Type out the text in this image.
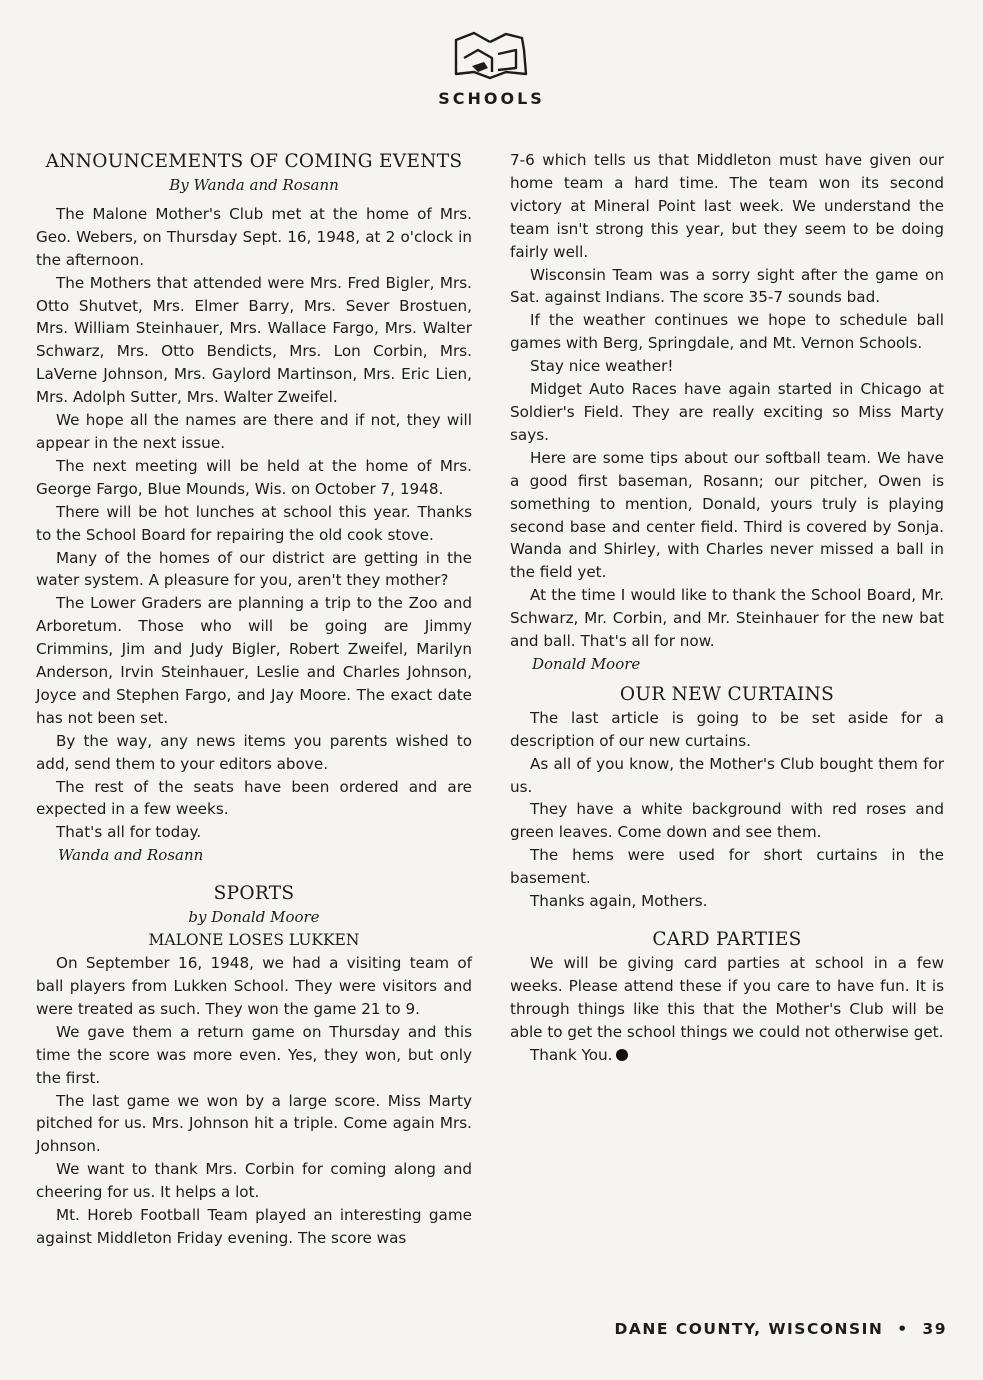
SCHOOLS
ANNOUNCEMENTS OF COMING EVENTS
By Wanda and Rosann

The Malone Mother's Club met at the home of Mrs. Geo. Webers, on Thursday Sept. 16, 1948, at 2 o'clock in the afternoon.

The Mothers that attended were Mrs. Fred Bigler, Mrs. Otto Shutvet, Mrs. Elmer Barry, Mrs. Sever Brostuen, Mrs. William Steinhauer, Mrs. Wallace Fargo, Mrs. Walter Schwarz, Mrs. Otto Bendicts, Mrs. Lon Corbin, Mrs. LaVerne Johnson, Mrs. Gaylord Martinson, Mrs. Eric Lien, Mrs. Adolph Sutter, Mrs. Walter Zweifel.

We hope all the names are there and if not, they will appear in the next issue.

The next meeting will be held at the home of Mrs. George Fargo, Blue Mounds, Wis. on October 7, 1948.

There will be hot lunches at school this year. Thanks to the School Board for repairing the old cook stove.

Many of the homes of our district are getting in the water system. A pleasure for you, aren't they mother?

The Lower Graders are planning a trip to the Zoo and Arboretum. Those who will be going are Jimmy Crimmins, Jim and Judy Bigler, Robert Zweifel, Marilyn Anderson, Irvin Steinhauer, Leslie and Charles Johnson, Joyce and Stephen Fargo, and Jay Moore. The exact date has not been set.

By the way, any news items you parents wished to add, send them to your editors above.

The rest of the seats have been ordered and are expected in a few weeks.

That's all for today.

Wanda and Rosann
SPORTS
by Donald Moore
MALONE LOSES LUKKEN

On September 16, 1948, we had a visiting team of ball players from Lukken School. They were visitors and were treated as such. They won the game 21 to 9.

We gave them a return game on Thursday and this time the score was more even. Yes, they won, but only the first.

The last game we won by a large score. Miss Marty pitched for us. Mrs. Johnson hit a triple. Come again Mrs. Johnson.

We want to thank Mrs. Corbin for coming along and cheering for us. It helps a lot.

Mt. Horeb Football Team played an interesting game against Middleton Friday evening. The score was

7-6 which tells us that Middleton must have given our home team a hard time. The team won its second victory at Mineral Point last week. We understand the team isn't strong this year, but they seem to be doing fairly well.

Wisconsin Team was a sorry sight after the game on Sat. against Indians. The score 35-7 sounds bad.

If the weather continues we hope to schedule ball games with Berg, Springdale, and Mt. Vernon Schools.

Stay nice weather!

Midget Auto Races have again started in Chicago at Soldier's Field. They are really exciting so Miss Marty says.

Here are some tips about our softball team. We have a good first baseman, Rosann; our pitcher, Owen is something to mention, Donald, yours truly is playing second base and center field. Third is covered by Sonja. Wanda and Shirley, with Charles never missed a ball in the field yet.

At the time I would like to thank the School Board, Mr. Schwarz, Mr. Corbin, and Mr. Steinhauer for the new bat and ball. That's all for now.

Donald Moore
OUR NEW CURTAINS

The last article is going to be set aside for a description of our new curtains.

As all of you know, the Mother's Club bought them for us.

They have a white background with red roses and green leaves. Come down and see them.

The hems were used for short curtains in the basement.

Thanks again, Mothers.

CARD PARTIES

We will be giving card parties at school in a few weeks. Please attend these if you care to have fun. It is through things like this that the Mother's Club will be able to get the school things we could not otherwise get.

Thank You.

DANE COUNTY, WISCONSIN • 39
